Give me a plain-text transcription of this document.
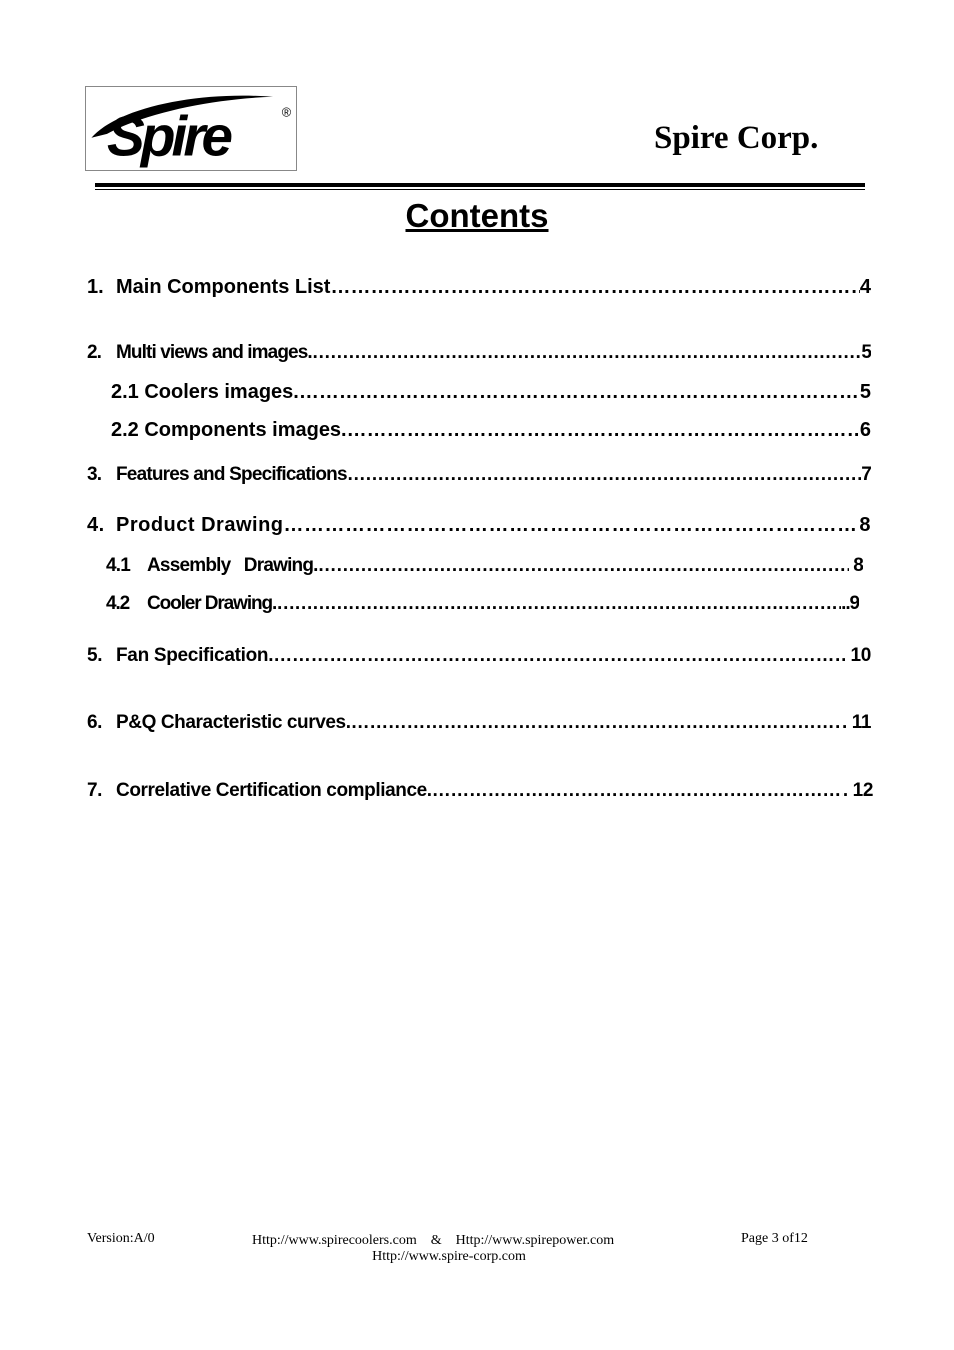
Spire	®
Spire Corp.
Contents
1. Main Components List ………………………………………………………………………………………………………………………………………………………………	4
2. Multi views and images. ………………………………………………………………………………………………………………………………………………………………	5
2.1 Coolers images. ………………………………………………………………………………………………………………………………………………………………	5
2.2 Components images. ………………………………………………………………………………………………………………………………………………………………	6
3. Features and Specifications ………………………………………………………………………………………………………………………………………………………………	7
4. Product Drawing ………………………………………………………………………………………………………………………………………………………………	8
4.1 Assembly   Drawing. ………………………………………………………………………………………………………………………………………………………………	8
4.2 Cooler Drawing. ………………………………………………………………………………………………………………………………………………………………	..9
5. Fan Specification. ………………………………………………………………………………………………………………………………………………………………	10
6. P&Q Characteristic curves. ………………………………………………………………………………………………………………………………………………………………	. 11
7. Correlative Certification compliance. ………………………………………………………………………………………………………………………………………………………………	. 12
Version:A/0	Http://www.spirecoolers.com    &    Http://www.spirepower.com
Http://www.spire-corp.com
Page 3 of12
